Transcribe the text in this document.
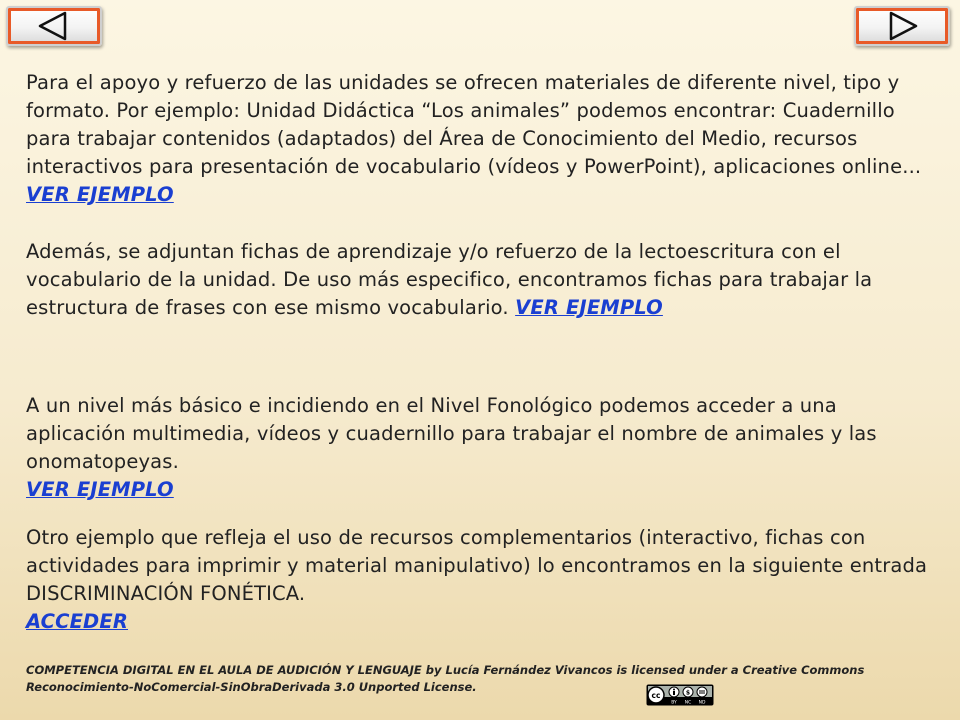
Para el apoyo y refuerzo de las unidades se ofrecen materiales de diferente nivel, tipo y formato. Por ejemplo: Unidad Didáctica “Los animales” podemos encontrar: Cuadernillo para trabajar contenidos (adaptados) del Área de Conocimiento del Medio, recursos interactivos para presentación de vocabulario (vídeos y PowerPoint), aplicaciones online... VER EJEMPLO

Además, se adjuntan fichas de aprendizaje y/o refuerzo de la lectoescritura con el vocabulario de la unidad. De uso más especifico, encontramos fichas para trabajar la estructura de frases con ese mismo vocabulario. VER EJEMPLO

A un nivel más básico e incidiendo en el Nivel Fonológico podemos acceder a una aplicación multimedia, vídeos y cuadernillo para trabajar el nombre de animales y las onomatopeyas.
VER EJEMPLO

Otro ejemplo que refleja el uso de recursos complementarios (interactivo, fichas con actividades para imprimir y material manipulativo) lo encontramos en la siguiente entrada DISCRIMINACIÓN FONÉTICA.
ACCEDER

COMPETENCIA DIGITAL EN EL AULA DE AUDICIÓN Y LENGUAJE by Lucía Fernández Vivancos is licensed under a Creative Commons Reconocimiento-NoComercial-SinObraDerivada 3.0 Unported License.

cc	$
BY NC ND
